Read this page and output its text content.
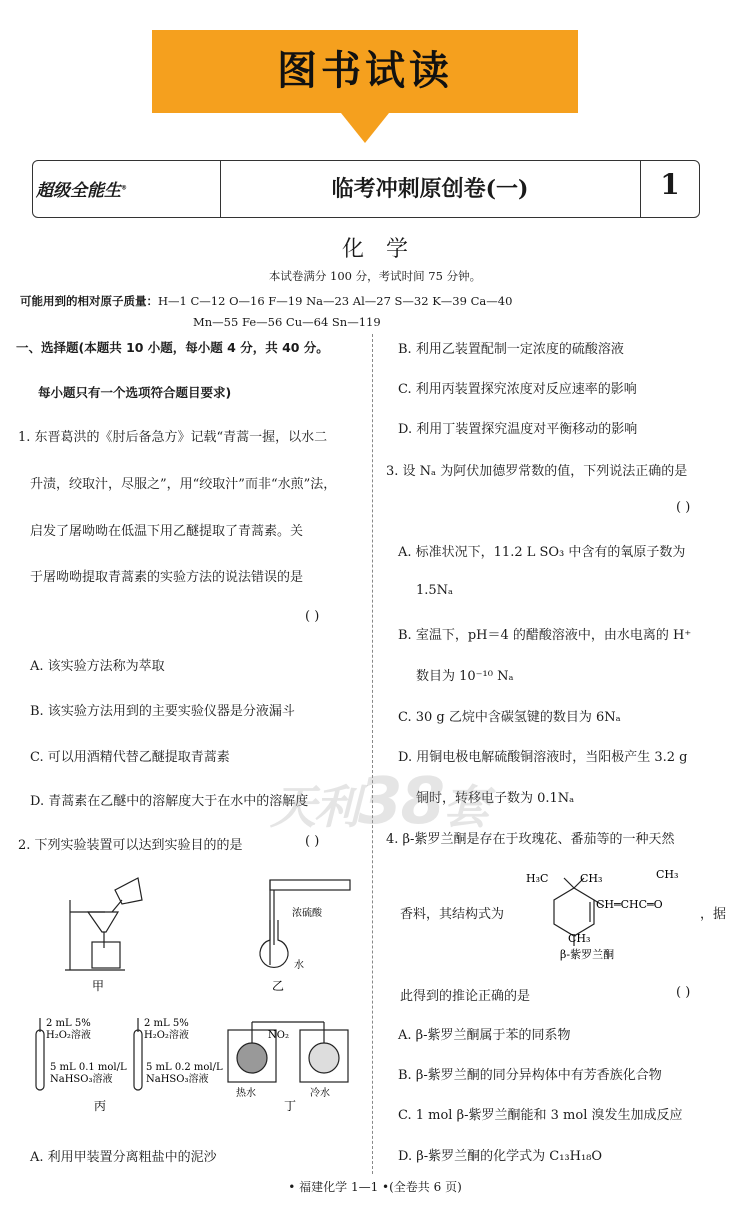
图书试读
超级全能生®	临考冲刺原创卷(一)	1
化学
本试卷满分 100 分，考试时间 75 分钟。
可能用到的相对原子质量：H—1 C—12 O—16 F—19 Na—23 Al—27 S—32 K—39 Ca—40
Mn—55 Fe—56 Cu—64 Sn—119
一、选择题(本题共 10 小题，每小题 4 分，共 40 分。
每小题只有一个选项符合题目要求)
1. 东晋葛洪的《肘后备急方》记载“青蒿一握，以水二
升渍，绞取汁，尽服之”，用“绞取汁”而非“水煎”法，
启发了屠呦呦在低温下用乙醚提取了青蒿素。关
于屠呦呦提取青蒿素的实验方法的说法错误的是
( )
A. 该实验方法称为萃取
B. 该实验方法用到的主要实验仪器是分液漏斗
C. 可以用酒精代替乙醚提取青蒿素
D. 青蒿素在乙醚中的溶解度大于在水中的溶解度
2. 下列实验装置可以达到实验目的的是	( )
甲
浓硫酸
水
乙
2 mL 5%
H₂O₂溶液
5 mL 0.1 mol/L
NaHSO₃溶液
2 mL 5%
H₂O₂溶液
5 mL 0.2 mol/L
NaHSO₃溶液
丙
NO₂
热水	冷水
丁
A. 利用甲装置分离粗盐中的泥沙
B. 利用乙装置配制一定浓度的硫酸溶液
C. 利用丙装置探究浓度对反应速率的影响
D. 利用丁装置探究温度对平衡移动的影响
3. 设 Nₐ 为阿伏加德罗常数的值，下列说法正确的是
( )
A. 标准状况下，11.2 L SO₃ 中含有的氧原子数为
1.5Nₐ
B. 室温下，pH＝4 的醋酸溶液中，由水电离的 H⁺
数目为 10⁻¹⁰ Nₐ
C. 30 g 乙烷中含碳氢键的数目为 6Nₐ
D. 用铜电极电解硫酸铜溶液时，当阳极产生 3.2 g
铜时，转移电子数为 0.1Nₐ
4. β-紫罗兰酮是存在于玫瑰花、番茄等的一种天然
香料，其结构式为	，据
H₃C	CH₃
CH═CHC═O
CH₃
CH₃
β-紫罗兰酮
此得到的推论正确的是	( )
A. β-紫罗兰酮属于苯的同系物
B. β-紫罗兰酮的同分异构体中有芳香族化合物
C. 1 mol β-紫罗兰酮能和 3 mol 溴发生加成反应
D. β-紫罗兰酮的化学式为 C₁₃H₁₈O
天利38套
• 福建化学 1—1 •(全卷共 6 页)
